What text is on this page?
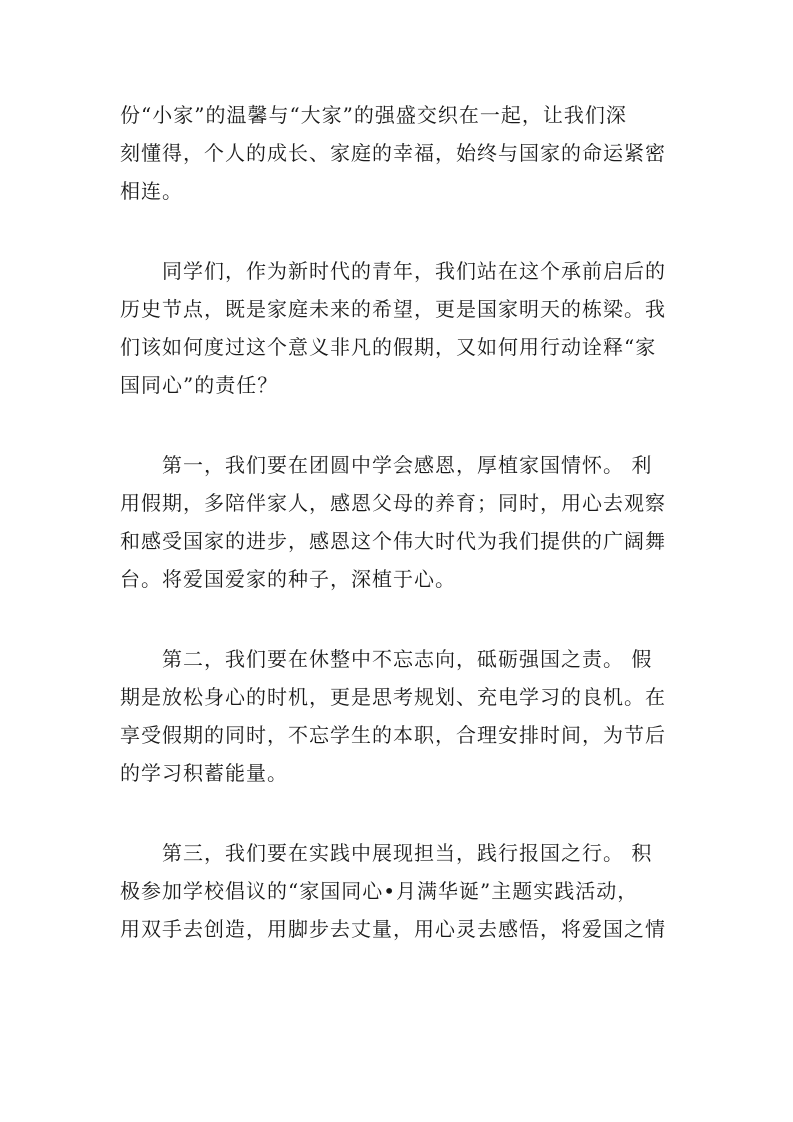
份“小家”的温馨与“大家”的强盛交织在一起，让我们深
刻懂得，个人的成长、家庭的幸福，始终与国家的命运紧密
相连。

　　同学们，作为新时代的青年，我们站在这个承前启后的
历史节点，既是家庭未来的希望，更是国家明天的栋梁。我
们该如何度过这个意义非凡的假期，又如何用行动诠释“家
国同心”的责任？

　　第一，我们要在团圆中学会感恩，厚植家国情怀。 利
用假期，多陪伴家人，感恩父母的养育；同时，用心去观察
和感受国家的进步，感恩这个伟大时代为我们提供的广阔舞
台。将爱国爱家的种子，深植于心。

　　第二，我们要在休整中不忘志向，砥砺强国之责。 假
期是放松身心的时机，更是思考规划、充电学习的良机。在
享受假期的同时，不忘学生的本职，合理安排时间，为节后
的学习积蓄能量。

　　第三，我们要在实践中展现担当，践行报国之行。 积
极参加学校倡议的“家国同心•月满华诞”主题实践活动，
用双手去创造，用脚步去丈量，用心灵去感悟，将爱国之情
